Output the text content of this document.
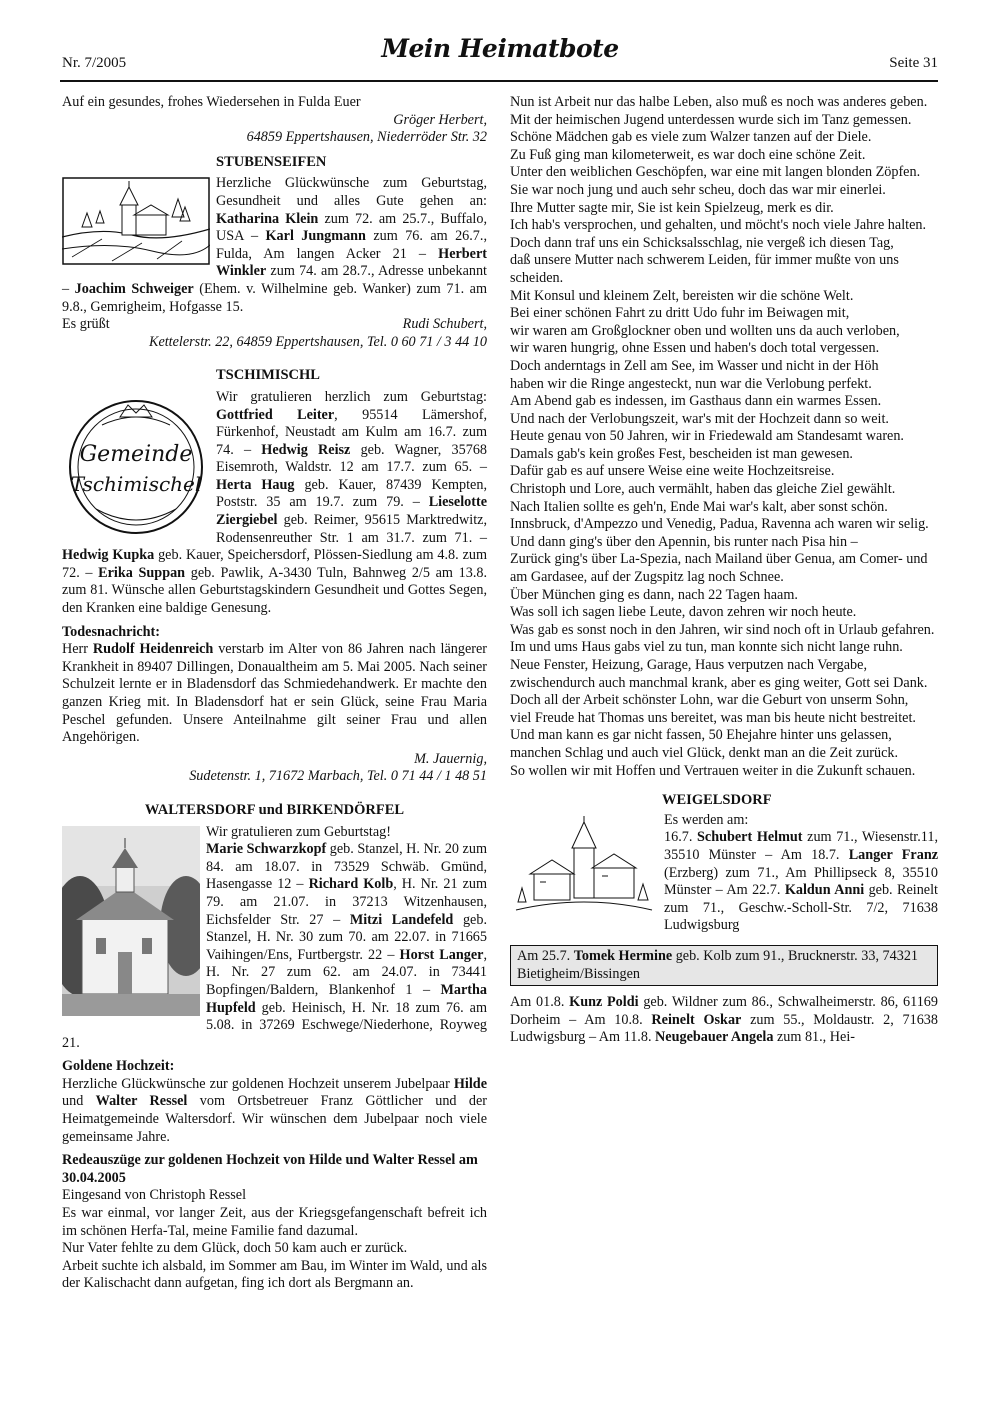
Nr. 7/2005	Mein Heimatbote	Seite 31

Auf ein gesundes, frohes Wiedersehen in Fulda Euer

Gröger Herbert,

64859 Eppertshausen, Niederröder Str. 32

STUBENSEIFEN

Herzliche Glückwünsche zum Geburtstag, Gesundheit und alles Gute gehen an: Katharina Klein zum 72. am 25.7., Buffalo, USA – Karl Jungmann zum 76. am 26.7., Fulda, Am langen Acker 21 – Herbert Winkler zum 74. am 28.7., Adresse unbekannt – Joachim Schweiger (Ehem. v. Wilhelmine geb. Wanker) zum 71. am 9.8., Gemrigheim, Hofgasse 15.

Es grüßt	Rudi Schubert,

Kettelerstr. 22, 64859 Eppertshausen, Tel. 0 60 71 / 3 44 10

TSCHIMISCHL
Gemeinde
Tschimischel

Wir gratulieren herzlich zum Geburtstag: Gottfried Leiter, 95514 Lämershof, Fürkenhof, Neustadt am Kulm am 16.7. zum 74. – Hedwig Reisz geb. Wagner, 35768 Eisemroth, Waldstr. 12 am 17.7. zum 65. – Herta Haug geb. Kauer, 87439 Kempten, Poststr. 35 am 19.7. zum 79. – Lieselotte Ziergiebel geb. Reimer, 95615 Marktredwitz, Rodensenreuther Str. 1 am 31.7. zum 71. – Hedwig Kupka geb. Kauer, Speichersdorf, Plössen-Siedlung am 4.8. zum 72. – Erika Suppan geb. Pawlik, A-3430 Tuln, Bahnweg 2/5 am 13.8. zum 81. Wünsche allen Geburtstagskindern Gesundheit und Gottes Segen, den Kranken eine baldige Genesung.

Todesnachricht:

Herr Rudolf Heidenreich verstarb im Alter von 86 Jahren nach längerer Krankheit in 89407 Dillingen, Donaualtheim am 5. Mai 2005. Nach seiner Schulzeit lernte er in Bladensdorf das Schmiedehandwerk. Er machte den ganzen Krieg mit. In Bladensdorf hat er sein Glück, seine Frau Maria Peschel gefunden. Unsere Anteilnahme gilt seiner Frau und allen Angehörigen.

M. Jauernig,

Sudetenstr. 1, 71672 Marbach, Tel. 0 71 44 / 1 48 51

WALTERSDORF und BIRKENDÖRFEL

Wir gratulieren zum Geburtstag!

Marie Schwarzkopf geb. Stanzel, H. Nr. 20 zum 84. am 18.07. in 73529 Schwäb. Gmünd, Hasengasse 12 – Richard Kolb, H. Nr. 21 zum 79. am 21.07. in 37213 Witzenhausen, Eichsfelder Str. 27 – Mitzi Landefeld geb. Stanzel, H. Nr. 30 zum 70. am 22.07. in 71665 Vaihingen/Ens, Furtbergstr. 22 – Horst Langer, H. Nr. 27 zum 62. am 24.07. in 73441 Bopfingen/Baldern, Blankenhof 1 – Martha Hupfeld geb. Heinisch, H. Nr. 18 zum 76. am 5.08. in 37269 Eschwege/Niederhone, Royweg 21.

Goldene Hochzeit:

Herzliche Glückwünsche zur goldenen Hochzeit unserem Jubelpaar Hilde und Walter Ressel vom Ortsbetreuer Franz Göttlicher und der Heimatgemeinde Waltersdorf. Wir wünschen dem Jubelpaar noch viele gemeinsame Jahre.

Redeauszüge zur goldenen Hochzeit von Hilde und Walter Ressel am 30.04.2005

Eingesand von Christoph Ressel

Es war einmal, vor langer Zeit, aus der Kriegsgefangenschaft befreit ich im schönen Herfa-Tal, meine Familie fand dazumal.

Nur Vater fehlte zu dem Glück, doch 50 kam auch er zurück.

Arbeit suchte ich alsbald, im Sommer am Bau, im Winter im Wald, und als der Kalischacht dann aufgetan, fing ich dort als Bergmann an.

Nun ist Arbeit nur das halbe Leben, also muß es noch was anderes geben.

Mit der heimischen Jugend unterdessen wurde sich im Tanz gemessen.

Schöne Mädchen gab es viele zum Walzer tanzen auf der Diele.

Zu Fuß ging man kilometerweit, es war doch eine schöne Zeit.

Unter den weiblichen Geschöpfen, war eine mit langen blonden Zöpfen.

Sie war noch jung und auch sehr scheu, doch das war mir einerlei.

Ihre Mutter sagte mir, Sie ist kein Spielzeug, merk es dir.

Ich hab's versprochen, und gehalten, und möcht's noch viele Jahre halten.

Doch dann traf uns ein Schicksalsschlag, nie vergeß ich diesen Tag,

daß unsere Mutter nach schwerem Leiden, für immer mußte von uns scheiden.

Mit Konsul und kleinem Zelt, bereisten wir die schöne Welt.

Bei einer schönen Fahrt zu dritt Udo fuhr im Beiwagen mit,

wir waren am Großglockner oben und wollten uns da auch verloben,

wir waren hungrig, ohne Essen und haben's doch total vergessen.

Doch anderntags in Zell am See, im Wasser und nicht in der Höh

haben wir die Ringe angesteckt, nun war die Verlobung perfekt.

Am Abend gab es indessen, im Gasthaus dann ein warmes Essen.

Und nach der Verlobungszeit, war's mit der Hochzeit dann so weit.

Heute genau von 50 Jahren, wir in Friedewald am Standesamt waren.

Damals gab's kein großes Fest, bescheiden ist man gewesen.

Dafür gab es auf unsere Weise eine weite Hochzeitsreise.

Christoph und Lore, auch vermählt, haben das gleiche Ziel gewählt.

Nach Italien sollte es geh'n, Ende Mai war's kalt, aber sonst schön.

Innsbruck, d'Ampezzo und Venedig, Padua, Ravenna ach waren wir selig.

Und dann ging's über den Apennin, bis runter nach Pisa hin –

Zurück ging's über La-Spezia, nach Mailand über Genua, am Comer- und am Gardasee, auf der Zugspitz lag noch Schnee.

Über München ging es dann, nach 22 Tagen haam.

Was soll ich sagen liebe Leute, davon zehren wir noch heute.

Was gab es sonst noch in den Jahren, wir sind noch oft in Urlaub gefahren.

Im und ums Haus gabs viel zu tun, man konnte sich nicht lange ruhn.

Neue Fenster, Heizung, Garage, Haus verputzen nach Vergabe, zwischendurch auch manchmal krank, aber es ging weiter, Gott sei Dank.

Doch all der Arbeit schönster Lohn, war die Geburt von unserm Sohn,

viel Freude hat Thomas uns bereitet, was man bis heute nicht bestreitet.

Und man kann es gar nicht fassen, 50 Ehejahre hinter uns gelassen,

manchen Schlag und auch viel Glück, denkt man an die Zeit zurück.

So wollen wir mit Hoffen und Vertrauen weiter in die Zukunft schauen.

WEIGELSDORF

Es werden am:

16.7. Schubert Helmut zum 71., Wiesenstr.11, 35510 Münster – Am 18.7. Langer Franz (Erzberg) zum 71., Am Phillipseck 8, 35510 Münster – Am 22.7. Kaldun Anni geb. Reinelt zum 71., Geschw.-Scholl-Str. 7/2, 71638 Ludwigsburg

Am 25.7. Tomek Hermine geb. Kolb zum 91., Brucknerstr. 33, 74321 Bietigheim/Bissingen

Am 01.8. Kunz Poldi geb. Wildner zum 86., Schwalheimerstr. 86, 61169 Dorheim – Am 10.8. Reinelt Oskar zum 55., Moldaustr. 2, 71638 Ludwigsburg – Am 11.8. Neugebauer Angela zum 81., Hei-
